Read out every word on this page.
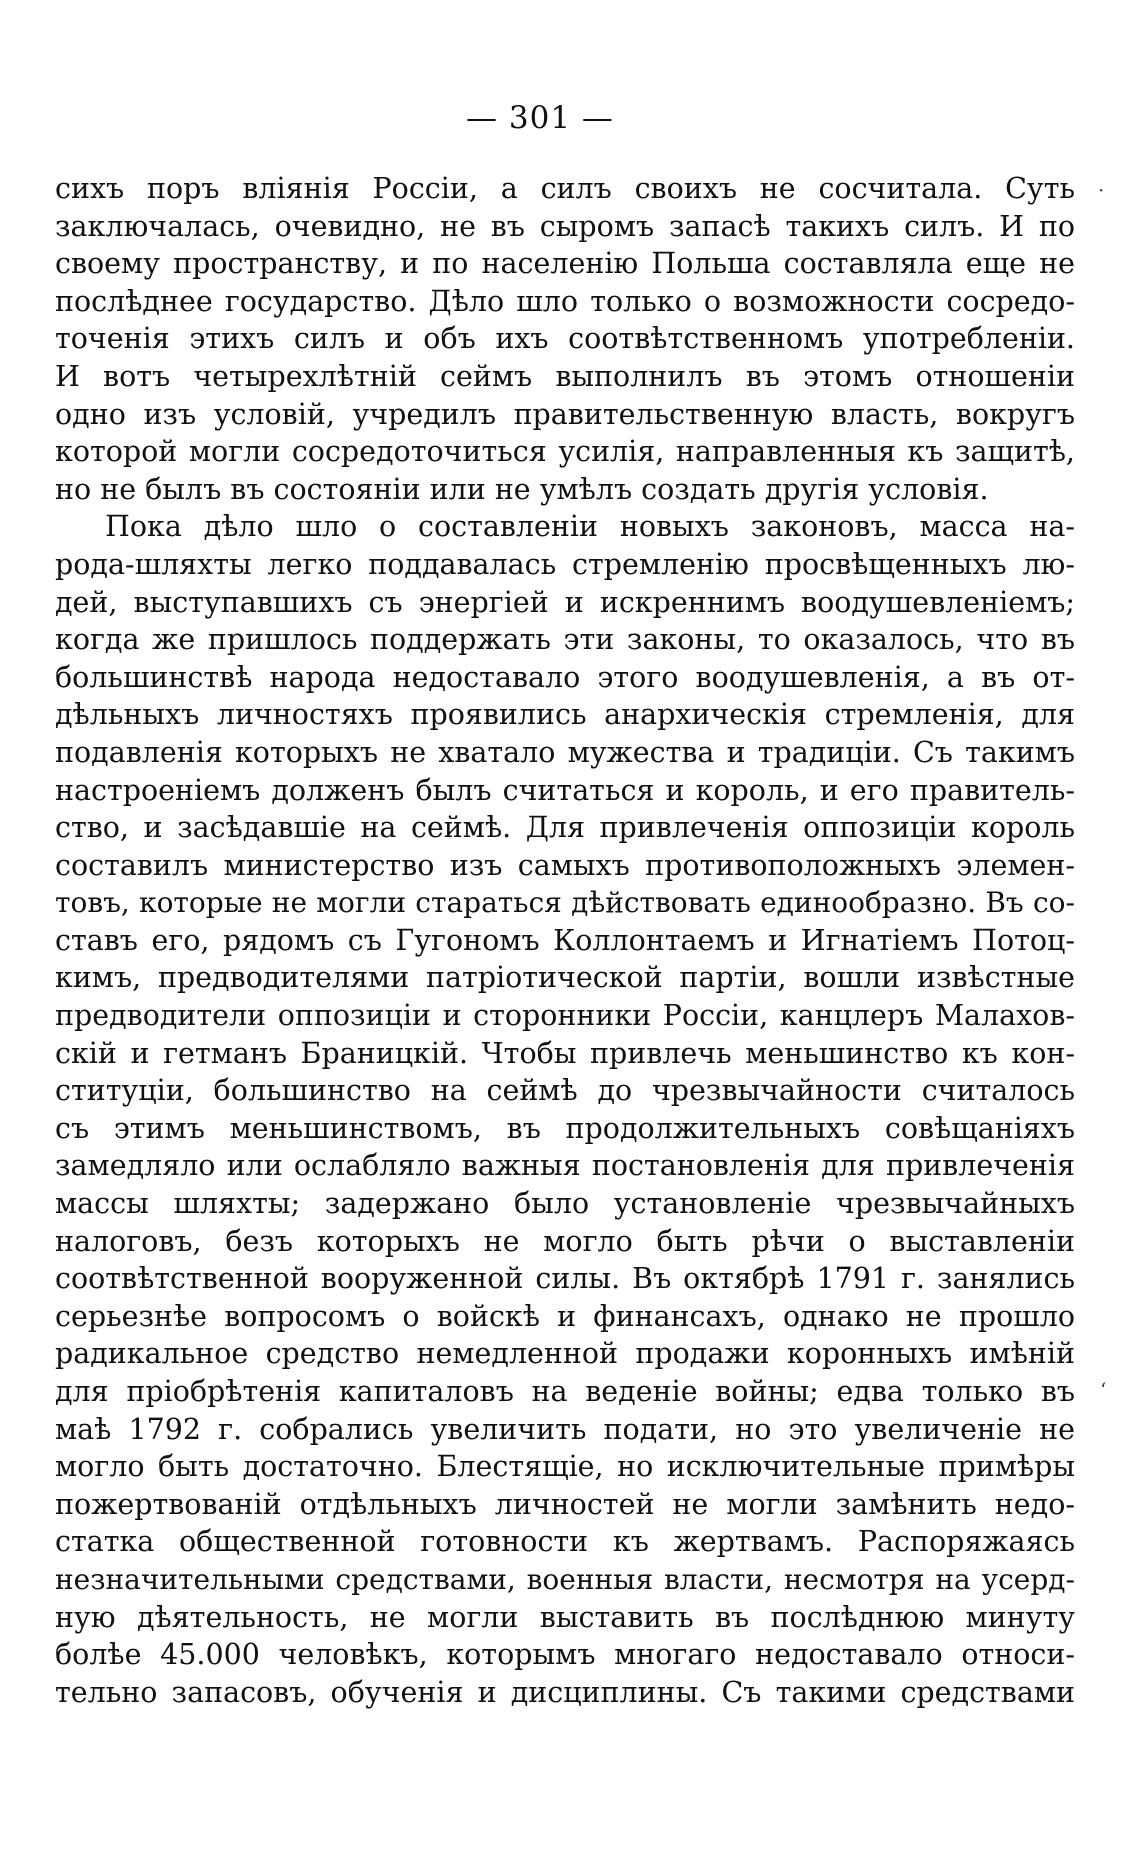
— 301 —
сихъ поръ вліянія Россіи, а силъ своихъ не сосчитала. Суть
заключалась, очевидно, не въ сыромъ запасѣ такихъ силъ. И по
своему пространству, и по населенію Польша составляла еще не
послѣднее государство. Дѣло шло только о возможности сосредо-
точенія этихъ силъ и объ ихъ соотвѣтственномъ употребленіи.
И вотъ четырехлѣтній сеймъ выполнилъ въ этомъ отношеніи
одно изъ условій, учредилъ правительственную власть, вокругъ
которой могли сосредоточиться усилія, направленныя къ защитѣ,
но не былъ въ состояніи или не умѣлъ создать другія условія.
Пока дѣло шло о составленіи новыхъ законовъ, масса на-
рода-шляхты легко поддавалась стремленію просвѣщенныхъ лю-
дей, выступавшихъ съ энергіей и искреннимъ воодушевленіемъ;
когда же пришлось поддержать эти законы, то оказалось, что въ
большинствѣ народа недоставало этого воодушевленія, а въ от-
дѣльныхъ личностяхъ проявились анархическія стремленія, для
подавленія которыхъ не хватало мужества и традиціи. Съ такимъ
настроеніемъ долженъ былъ считаться и король, и его правитель-
ство, и засѣдавшіе на сеймѣ. Для привлеченія оппозиціи король
составилъ министерство изъ самыхъ противоположныхъ элемен-
товъ, которые не могли стараться дѣйствовать единообразно. Въ со-
ставъ его, рядомъ съ Гугономъ Коллонтаемъ и Игнатіемъ Потоц-
кимъ, предводителями патріотической партіи, вошли извѣстные
предводители оппозиціи и сторонники Россіи, канцлеръ Малахов-
скій и гетманъ Браницкій. Чтобы привлечь меньшинство къ кон-
ституціи, большинство на сеймѣ до чрезвычайности считалось
съ этимъ меньшинствомъ, въ продолжительныхъ совѣщаніяхъ
замедляло или ослабляло важныя постановленія для привлеченія
массы шляхты; задержано было установленіе чрезвычайныхъ
налоговъ, безъ которыхъ не могло быть рѣчи о выставленіи
соотвѣтственной вооруженной силы. Въ октябрѣ 1791 г. занялись
серьезнѣе вопросомъ о войскѣ и финансахъ, однако не прошло
радикальное средство немедленной продажи коронныхъ имѣній
для пріобрѣтенія капиталовъ на веденіе войны; едва только въ
маѣ 1792 г. собрались увеличить подати, но это увеличеніе не
могло быть достаточно. Блестящіе, но исключительные примѣры
пожертвованій отдѣльныхъ личностей не могли замѣнить недо-
статка общественной готовности къ жертвамъ. Распоряжаясь
незначительными средствами, военныя власти, несмотря на усерд-
ную дѣятельность, не могли выставить въ послѣднюю минуту
болѣе 45.000 человѣкъ, которымъ многаго недоставало относи-
тельно запасовъ, обученія и дисциплины. Съ такими средствами
·
‘
